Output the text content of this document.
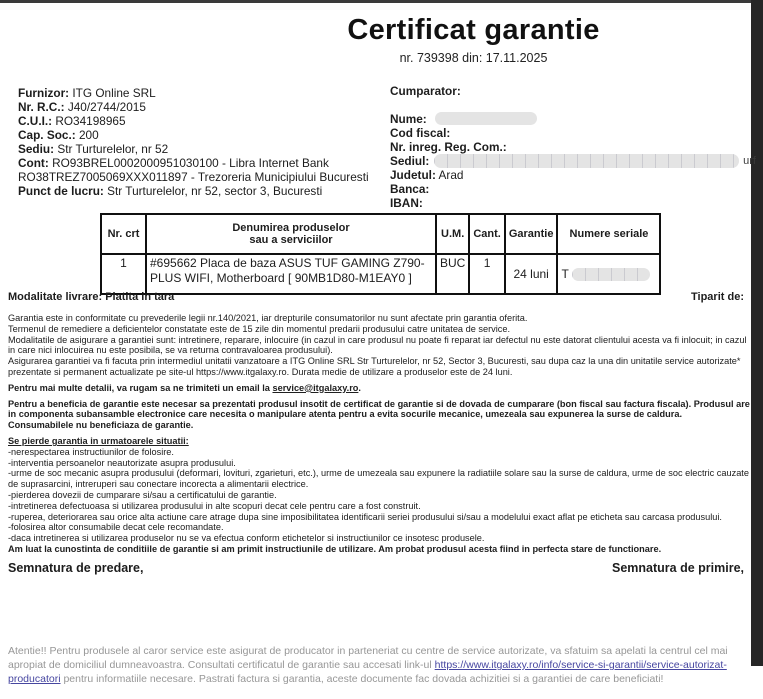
Certificat garantie
nr. 739398 din: 17.11.2025
Furnizor: ITG Online SRL
Nr. R.C.: J40/2744/2015
C.U.I.: RO34198965
Cap. Soc.: 200
Sediu: Str Turturelelor, nr 52
Cont: RO93BREL0002000951030100 - Libra Internet Bank
RO38TREZ7005069XXX011897 - Trezoreria Municipiului Bucuresti
Punct de lucru: Str Turturelelor, nr 52, sector 3, Bucuresti
Cumparator:
Nume:
Cod fiscal:
Nr. inreg. Reg. Com.:
Sediul:	urf
Judetul: Arad
Banca:
IBAN:
Nr. crt	Denumirea produselor
sau a serviciilor	U.M.	Cant.	Garantie	Numere seriale
1	#695662 Placa de baza ASUS TUF GAMING Z790-PLUS WIFI, Motherboard [ 90MB1D80-M1EAY0 ]	BUC	1	24 luni	T
Modalitate livrare: Platita in tara	Tiparit de:

Garantia este in conformitate cu prevederile legii nr.140/2021, iar drepturile consumatorilor nu sunt afectate prin garantia oferita.

Termenul de remediere a deficientelor constatate este de 15 zile din momentul predarii produsului catre unitatea de service.

Modalitatile de asigurare a garantiei sunt: intretinere, reparare, inlocuire (in cazul in care produsul nu poate fi reparat iar defectul nu este datorat clientului acesta va fi inlocuit; in cazul in care nici inlocuirea nu este posibila, se va returna contravaloarea produsului).

Asigurarea garantiei va fi facuta prin intermediul unitatii vanzatoare a ITG Online SRL Str Turturelelor, nr 52, Sector 3, Bucuresti, sau dupa caz la una din unitatile service autorizate* prezentate si permanent actualizate pe site-ul https://www.itgalaxy.ro. Durata medie de utilizare a produselor este de 24 luni.

Pentru mai multe detalii, va rugam sa ne trimiteti un email la service@itgalaxy.ro.

Pentru a beneficia de garantie este necesar sa prezentati produsul insotit de certificat de garantie si de dovada de cumparare (bon fiscal sau factura fiscala). Produsul are in componenta subansamble electronice care necesita o manipulare atenta pentru a evita socurile mecanice, umezeala sau expunerea la surse de caldura.

Consumabilele nu beneficiaza de garantie.

Se pierde garantia in urmatoarele situatii:

-nerespectarea instructiunilor de folosire.

-interventia persoanelor neautorizate asupra produsului.

-urme de soc mecanic asupra produsului (deformari, lovituri, zgarieturi, etc.), urme de umezeala sau expunere la radiatiile solare sau la surse de caldura, urme de soc electric cauzate de suprasarcini, intreruperi sau conectare incorecta a alimentarii electrice.

-pierderea dovezii de cumparare si/sau a certificatului de garantie.

-intretinerea defectuoasa si utilizarea produsului in alte scopuri decat cele pentru care a fost construit.

-ruperea, deteriorarea sau orice alta actiune care atrage dupa sine imposibilitatea identificarii seriei produsului si/sau a modelului exact aflat pe eticheta sau carcasa produsului.

-folosirea altor consumabile decat cele recomandate.

-daca intretinerea si utilizarea produselor nu se va efectua conform etichetelor si instructiunilor ce insotesc produsele.

Am luat la cunostinta de conditiile de garantie si am primit instructiunile de utilizare. Am probat produsul acesta fiind in perfecta stare de functionare.

Semnatura de predare,	Semnatura de primire,
Atentie!! Pentru produsele al caror service este asigurat de producator in parteneriat cu centre de service autorizate, va sfatuim sa apelati la centrul cel mai apropiat de domiciliul dumneavoastra. Consultati certificatul de garantie sau accesati link-ul https://www.itgalaxy.ro/info/service-si-garantii/service-autorizat-producatori pentru informatiile necesare. Pastrati factura si garantia, aceste documente fac dovada achizitiei si a garantiei de care beneficiati!
